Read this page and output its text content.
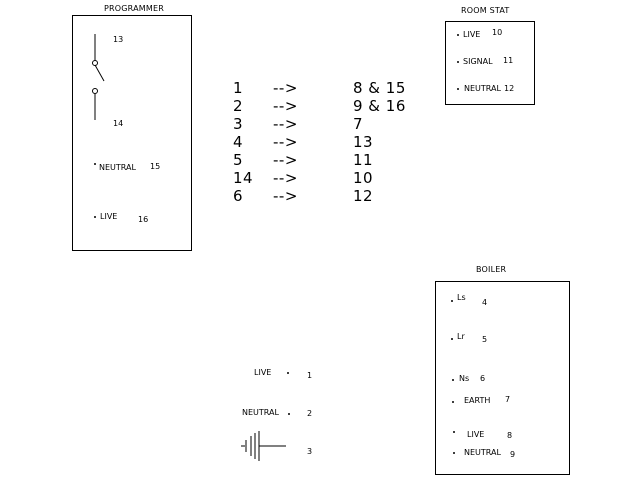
PROGRAMMER
13
14
NEUTRAL 15
LIVE	16
ROOM STAT
LIVE 10
SIGNAL 11
NEUTRAL 12
1 -->	8 & 15
2 -->	9 & 16
3 -->	7
4 -->	13
5 -->	11
14 -->	10
6 -->	12
BOILER
Ls
4
Lr 5
Ns 6
EARTH 7
LIVE	8
NEUTRAL 9
LIVE	1
NEUTRAL	2
3
